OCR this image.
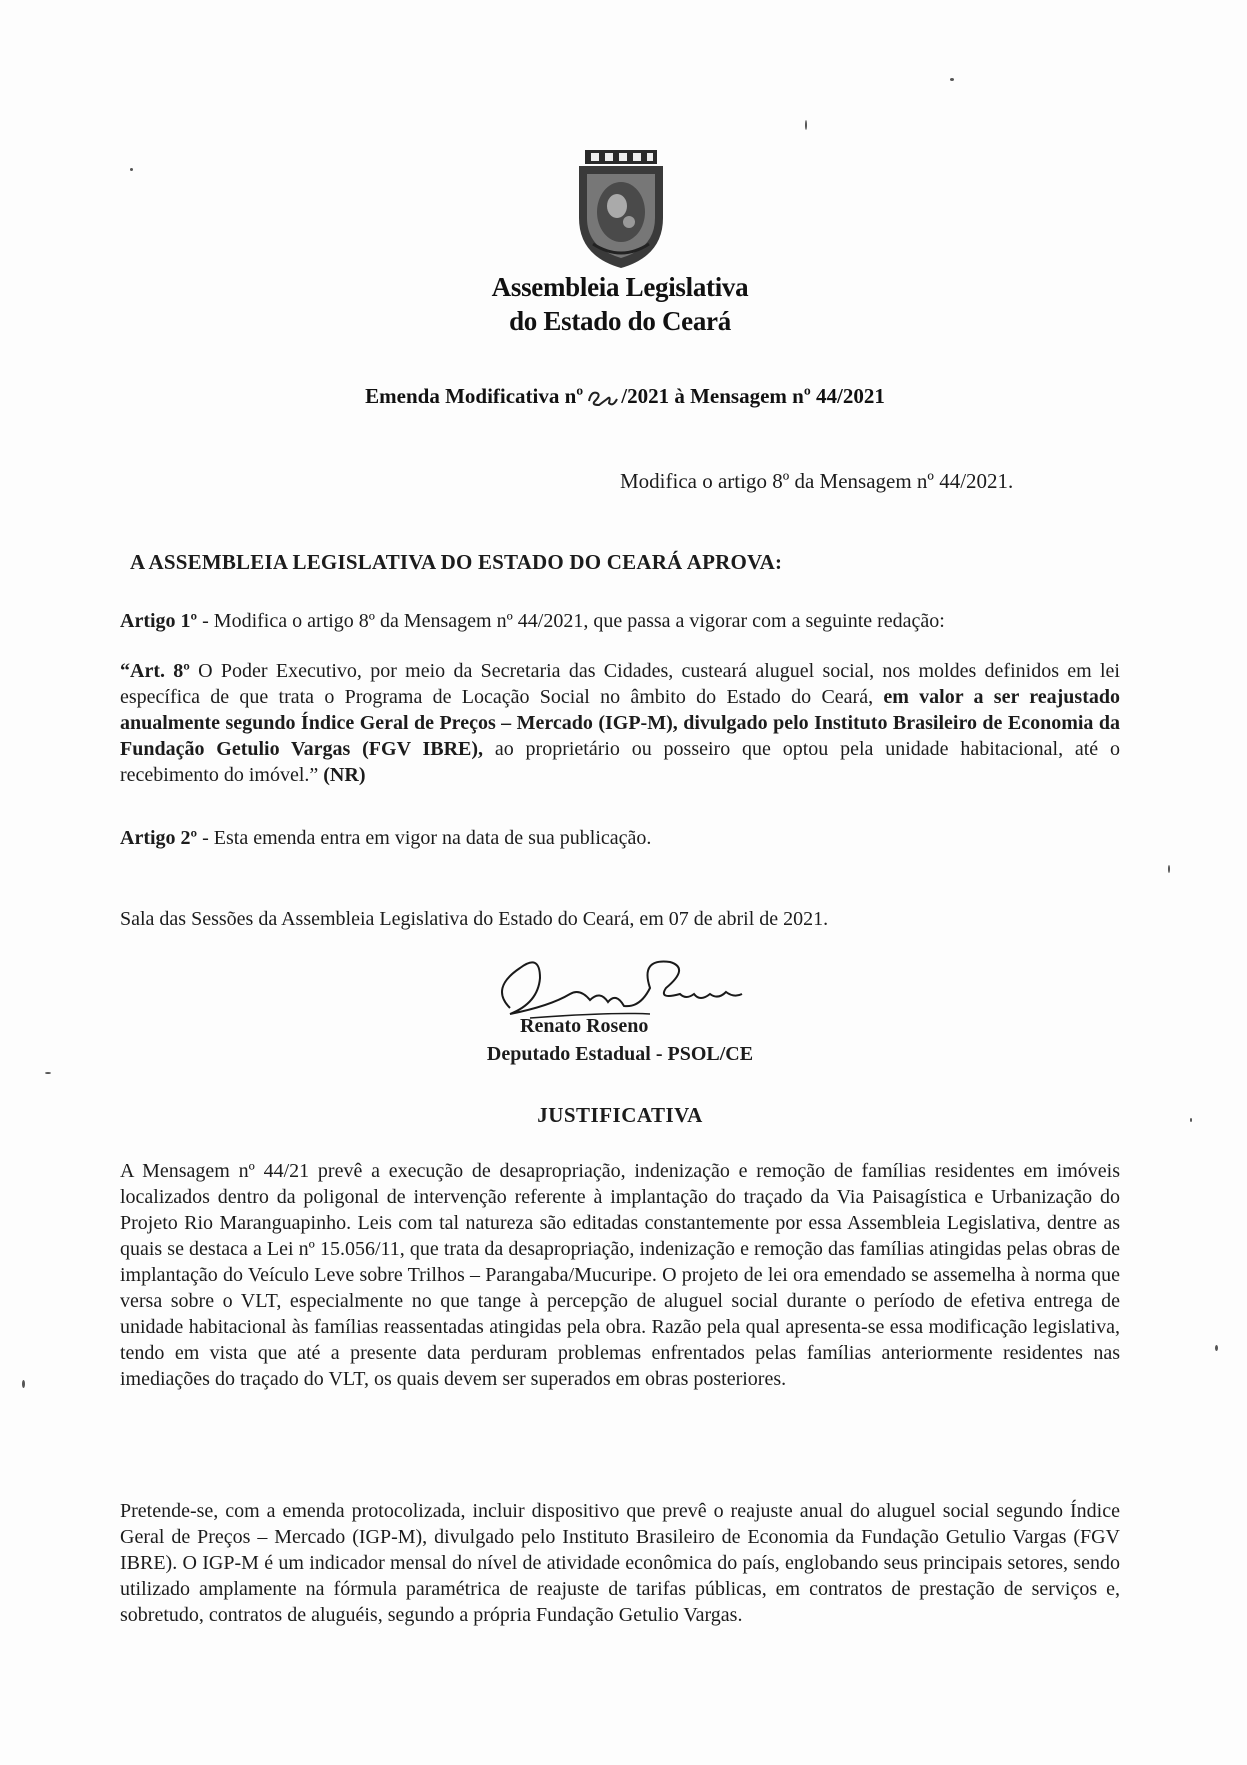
Assembleia Legislativa
do Estado do Ceará
Emenda Modificativa nº /2021 à Mensagem nº 44/2021
Modifica o artigo 8º da Mensagem nº 44/2021.
A ASSEMBLEIA LEGISLATIVA DO ESTADO DO CEARÁ APROVA:
Artigo 1º - Modifica o artigo 8º da Mensagem nº 44/2021, que passa a vigorar com a seguinte redação:
“Art. 8º O Poder Executivo, por meio da Secretaria das Cidades, custeará aluguel social, nos moldes definidos em lei específica de que trata o Programa de Locação Social no âmbito do Estado do Ceará, em valor a ser reajustado anualmente segundo Índice Geral de Preços – Mercado (IGP-M), divulgado pelo Instituto Brasileiro de Economia da Fundação Getulio Vargas (FGV IBRE), ao proprietário ou posseiro que optou pela unidade habitacional, até o recebimento do imóvel.” (NR)
Artigo 2º - Esta emenda entra em vigor na data de sua publicação.
Sala das Sessões da Assembleia Legislativa do Estado do Ceará, em 07 de abril de 2021.
Renato Roseno
Deputado Estadual - PSOL/CE
JUSTIFICATIVA
A Mensagem nº 44/21 prevê a execução de desapropriação, indenização e remoção de famílias residentes em imóveis localizados dentro da poligonal de intervenção referente à implantação do traçado da Via Paisagística e Urbanização do Projeto Rio Maranguapinho. Leis com tal natureza são editadas constantemente por essa Assembleia Legislativa, dentre as quais se destaca a Lei nº 15.056/11, que trata da desapropriação, indenização e remoção das famílias atingidas pelas obras de implantação do Veículo Leve sobre Trilhos – Parangaba/Mucuripe. O projeto de lei ora emendado se assemelha à norma que versa sobre o VLT, especialmente no que tange à percepção de aluguel social durante o período de efetiva entrega de unidade habitacional às famílias reassentadas atingidas pela obra. Razão pela qual apresenta-se essa modificação legislativa, tendo em vista que até a presente data perduram problemas enfrentados pelas famílias anteriormente residentes nas imediações do traçado do VLT, os quais devem ser superados em obras posteriores.
Pretende-se, com a emenda protocolizada, incluir dispositivo que prevê o reajuste anual do aluguel social segundo Índice Geral de Preços – Mercado (IGP-M), divulgado pelo Instituto Brasileiro de Economia da Fundação Getulio Vargas (FGV IBRE). O IGP-M é um indicador mensal do nível de atividade econômica do país, englobando seus principais setores, sendo utilizado amplamente na fórmula paramétrica de reajuste de tarifas públicas, em contratos de prestação de serviços e, sobretudo, contratos de aluguéis, segundo a própria Fundação Getulio Vargas.
